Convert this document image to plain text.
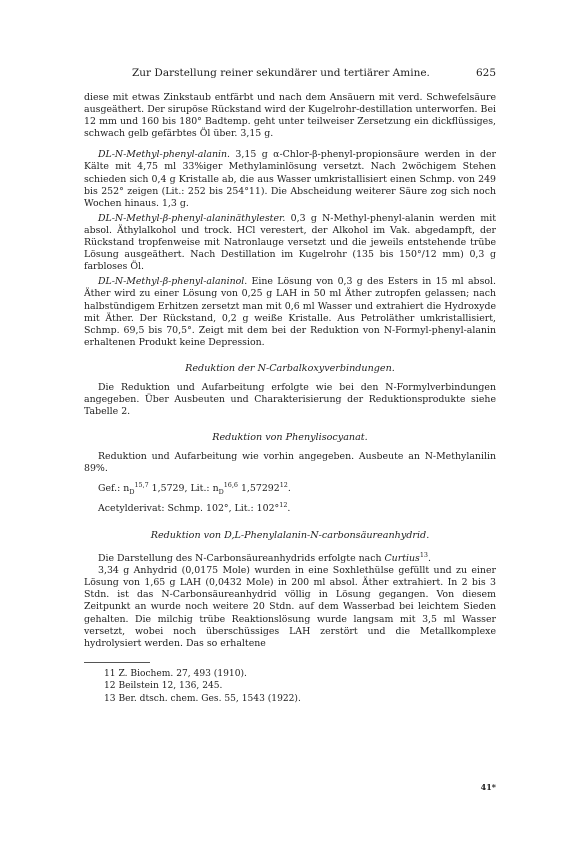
Zur Darstellung reiner sekundärer und tertiärer Amine.	625

diese mit etwas Zinkstaub entfärbt und nach dem Ansäuern mit verd. Schwefelsäure ausgeäthert. Der sirupöse Rückstand wird der Kugelrohr-destillation unterworfen. Bei 12 mm und 160 bis 180° Badtemp. geht unter teilweiser Zersetzung ein dickflüssiges, schwach gelb gefärbtes Öl über. 3,15 g.

DL-N-Methyl-phenyl-alanin. 3,15 g α-Chlor-β-phenyl-propionsäure werden in der Kälte mit 4,75 ml 33%iger Methylaminlösung versetzt. Nach 2wöchigem Stehen schieden sich 0,4 g Kristalle ab, die aus Wasser umkristallisiert einen Schmp. von 249 bis 252° zeigen (Lit.: 252 bis 254°11). Die Abscheidung weiterer Säure zog sich noch Wochen hinaus. 1,3 g.

DL-N-Methyl-β-phenyl-alaninäthylester. 0,3 g N-Methyl-phenyl-alanin werden mit absol. Äthylalkohol und trock. HCl verestert, der Alkohol im Vak. abgedampft, der Rückstand tropfenweise mit Natronlauge versetzt und die jeweils entstehende trübe Lösung ausgeäthert. Nach Destillation im Kugelrohr (135 bis 150°/12 mm) 0,3 g farbloses Öl.

DL-N-Methyl-β-phenyl-alaninol. Eine Lösung von 0,3 g des Esters in 15 ml absol. Äther wird zu einer Lösung von 0,25 g LAH in 50 ml Äther zutropfen gelassen; nach halbstündigem Erhitzen zersetzt man mit 0,6 ml Wasser und extrahiert die Hydroxyde mit Äther. Der Rückstand, 0,2 g weiße Kristalle. Aus Petroläther umkristallisiert, Schmp. 69,5 bis 70,5°. Zeigt mit dem bei der Reduktion von N-Formyl-phenyl-alanin erhaltenen Produkt keine Depression.

Reduktion der N-Carbalkoxyverbindungen.

Die Reduktion und Aufarbeitung erfolgte wie bei den N-Formylverbindungen angegeben. Über Ausbeuten und Charakterisierung der Reduktionsprodukte siehe Tabelle 2.

Reduktion von Phenylisocyanat.

Reduktion und Aufarbeitung wie vorhin angegeben. Ausbeute an N-Methylanilin 89%.

Gef.: $n_D^{15,7}$ 1,5729, Lit.: $n_D^{16,6}$ 1,57292$^{12}$.

Acetylderivat: Schmp. 102°, Lit.: 102°$^{12}$.

Reduktion von D,L-Phenylalanin-N-carbonsäureanhydrid.

Die Darstellung des N-Carbonsäureanhydrids erfolgte nach Curtius$^{13}$.

3,34 g Anhydrid (0,0175 Mole) wurden in eine Soxhlethülse gefüllt und zu einer Lösung von 1,65 g LAH (0,0432 Mole) in 200 ml absol. Äther extrahiert. In 2 bis 3 Stdn. ist das N-Carbonsäureanhydrid völlig in Lösung gegangen. Von diesem Zeitpunkt an wurde noch weitere 20 Stdn. auf dem Wasserbad bei leichtem Sieden gehalten. Die milchig trübe Reaktionslösung wurde langsam mit 3,5 ml Wasser versetzt, wobei noch überschüssiges LAH zerstört und die Metallkomplexe hydrolysiert werden. Das so erhaltene

11 Z. Biochem. 27, 493 (1910).

12 Beilstein 12, 136, 245.

13 Ber. dtsch. chem. Ges. 55, 1543 (1922).

41*
